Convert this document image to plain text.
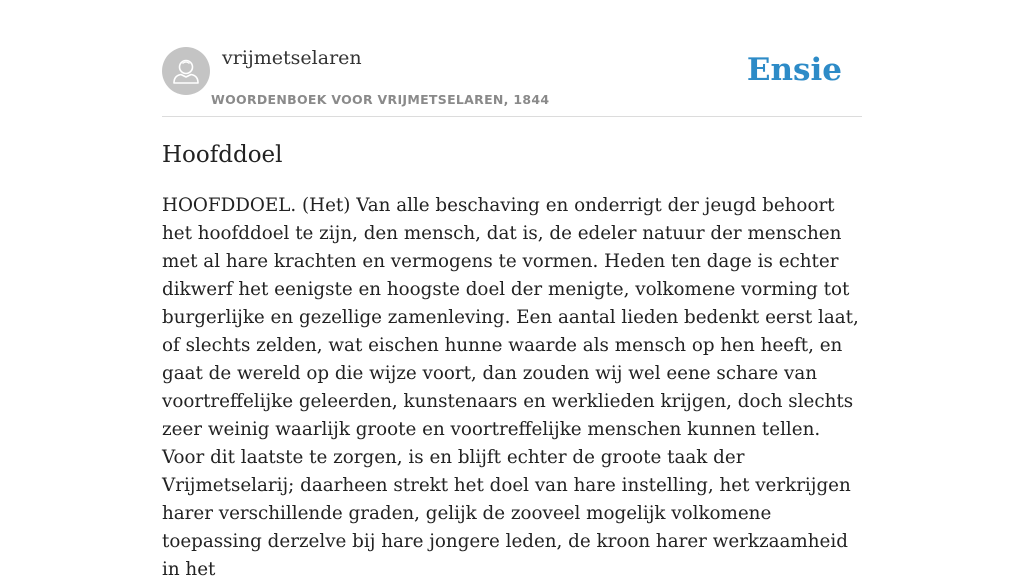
vrijmetselaren
WOORDENBOEK VOOR VRIJMETSELAREN, 1844
Ensie
Hoofddoel

HOOFDDOEL. (Het) Van alle beschaving en onderrigt der jeugd behoort het hoofddoel te zijn, den mensch, dat is, de edeler natuur der menschen met al hare krachten en vermogens te vormen. Heden ten dage is echter dikwerf het eenigste en hoogste doel der menigte, volkomene vorming tot burgerlijke en gezellige zamenleving. Een aantal lieden bedenkt eerst laat, of slechts zelden, wat eischen hunne waarde als mensch op hen heeft, en gaat de wereld op die wijze voort, dan zouden wij wel eene schare van voortreffelijke geleerden, kunstenaars en werklieden krijgen, doch slechts zeer weinig waarlijk groote en voortreffelijke menschen kunnen tellen. Voor dit laatste te zorgen, is en blijft echter de groote taak der Vrijmetselarij; daarheen strekt het doel van hare instelling, het verkrijgen harer verschillende graden, gelijk de zooveel mogelijk volkomene toepassing derzelve bij hare jongere leden, de kroon harer werkzaamheid in het
